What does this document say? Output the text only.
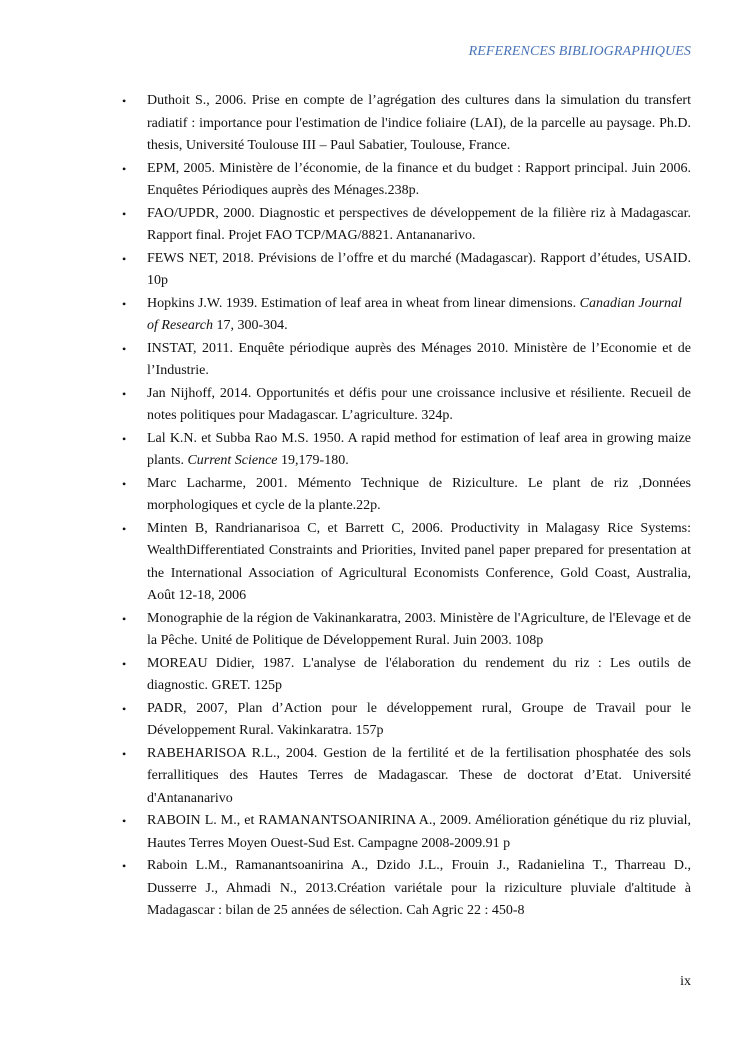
REFERENCES BIBLIOGRAPHIQUES
• Duthoit S., 2006. Prise en compte de l’agrégation des cultures dans la simulation du transfert radiatif : importance pour l'estimation de l'indice foliaire (LAI), de la parcelle au paysage. Ph.D. thesis, Université Toulouse III – Paul Sabatier, Toulouse, France.
• EPM, 2005. Ministère de l’économie, de la finance et du budget : Rapport principal. Juin 2006. Enquêtes Périodiques auprès des Ménages.238p.
• FAO/UPDR, 2000. Diagnostic et perspectives de développement de la filière riz à Madagascar. Rapport final. Projet FAO TCP/MAG/8821. Antananarivo.
• FEWS NET, 2018. Prévisions de l’offre et du marché (Madagascar). Rapport d’études, USAID. 10p
• Hopkins J.W. 1939. Estimation of leaf area in wheat from linear dimensions. Canadian Journal
of Research 17, 300-304.
• INSTAT, 2011. Enquête périodique auprès des Ménages 2010. Ministère de l’Economie et de l’Industrie.
• Jan Nijhoff, 2014. Opportunités et défis pour une croissance inclusive et résiliente. Recueil de notes politiques pour Madagascar. L’agriculture. 324p.
• Lal K.N. et Subba Rao M.S. 1950. A rapid method for estimation of leaf area in growing maize plants. Current Science 19,179-180.
• Marc Lacharme, 2001. Mémento Technique de Riziculture. Le plant de riz ,Données morphologiques et cycle de la plante.22p.
• Minten B, Randrianarisoa C, et Barrett C, 2006. Productivity in Malagasy Rice Systems: WealthDifferentiated Constraints and Priorities, Invited panel paper prepared for presentation at the International Association of Agricultural Economists Conference, Gold Coast, Australia, Août 12-18, 2006
• Monographie de la région de Vakinankaratra, 2003. Ministère de l'Agriculture, de l'Elevage et de la Pêche. Unité de Politique de Développement Rural. Juin 2003. 108p
• MOREAU Didier, 1987. L'analyse de l'élaboration du rendement du riz : Les outils de diagnostic. GRET. 125p
• PADR, 2007, Plan d’Action pour le développement rural, Groupe de Travail pour le Développement Rural. Vakinkaratra. 157p
• RABEHARISOA R.L., 2004. Gestion de la fertilité et de la fertilisation phosphatée des sols ferrallitiques des Hautes Terres de Madagascar. These de doctorat d’Etat. Université d'Antananarivo
• RABOIN L. M., et RAMANANTSOANIRINA A., 2009. Amélioration génétique du riz pluvial, Hautes Terres Moyen Ouest-Sud Est. Campagne 2008-2009.91 p
• Raboin L.M., Ramanantsoanirina A., Dzido J.L., Frouin J., Radanielina T., Tharreau D., Dusserre J., Ahmadi N., 2013.Création variétale pour la riziculture pluviale d'altitude à Madagascar : bilan de 25 années de sélection. Cah Agric 22 : 450-8
ix
